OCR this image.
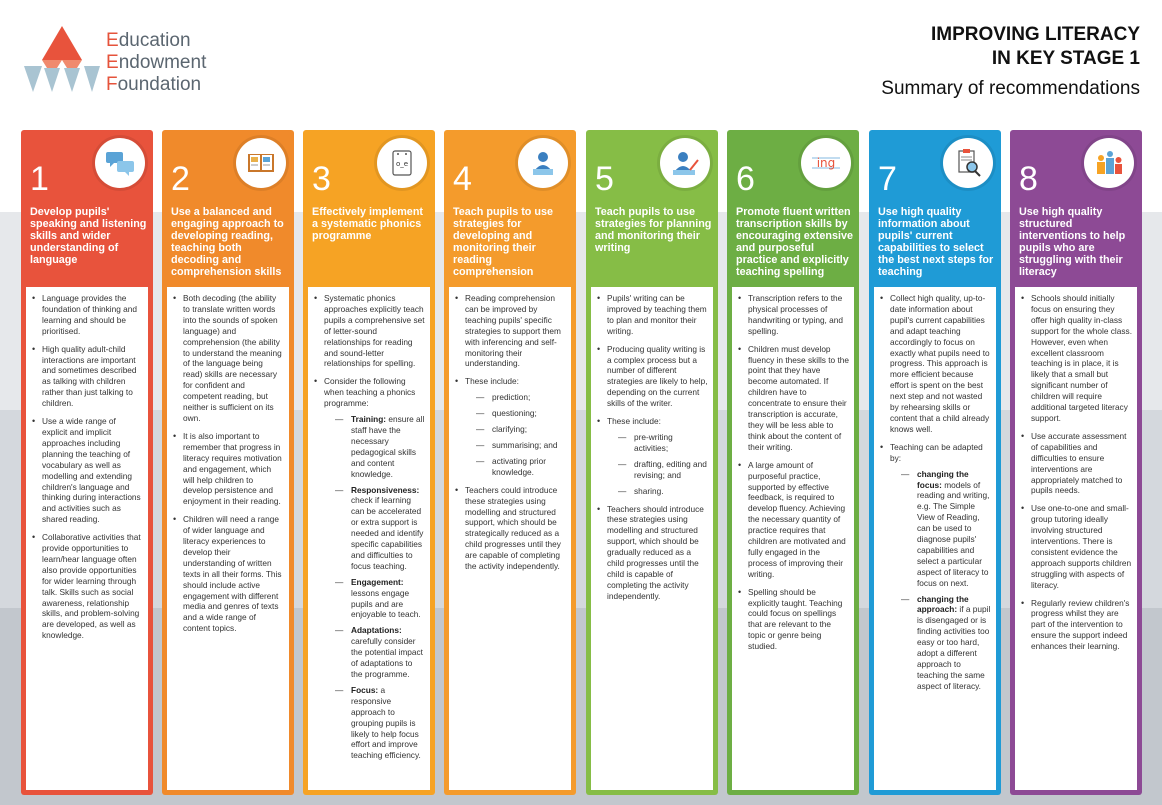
Education
Endowment
Foundation
IMPROVING LITERACY
IN KEY STAGE 1
Summary of recommendations
1
Develop pupils' speaking and listening skills and wider understanding of language
• Language provides the foundation of thinking and learning and should be prioritised.
• High quality adult-child interactions are important and sometimes described as talking with children rather than just talking to children.
• Use a wide range of explicit and implicit approaches including planning the teaching of vocabulary as well as modelling and extending children's language and thinking during interactions and activities such as shared reading.
• Collaborative activities that provide opportunities to learn/hear language often also provide opportunities for wider learning through talk. Skills such as social awareness, relationship skills, and problem-solving are developed, as well as knowledge.
2
Use a balanced and engaging approach to developing reading, teaching both decoding and comprehension skills
• Both decoding (the ability to translate written words into the sounds of spoken language) and comprehension (the ability to understand the meaning of the language being read) skills are necessary for confident and competent reading, but neither is sufficient on its own.
• It is also important to remember that progress in literacy requires motivation and engagement, which will help children to develop persistence and enjoyment in their reading.
• Children will need a range of wider language and literacy experiences to develop their understanding of written texts in all their forms. This should include active engagement with different media and genres of texts and a wide range of content topics.
o_e
3
Effectively implement a systematic phonics programme
• Systematic phonics approaches explicitly teach pupils a comprehensive set of letter-sound relationships for reading and sound-letter relationships for spelling.
• Consider the following when teaching a phonics programme:
— Training: ensure all staff have the necessary pedagogical skills and content knowledge.
— Responsiveness: check if learning can be accelerated or extra support is needed and identify specific capabilities and difficulties to focus teaching.
— Engagement: lessons engage pupils and are enjoyable to teach.
— Adaptations: carefully consider the potential impact of adaptations to the programme.
— Focus: a responsive approach to grouping pupils is likely to help focus effort and improve teaching efficiency.
4
Teach pupils to use strategies for developing and monitoring their reading comprehension
• Reading comprehension can be improved by teaching pupils' specific strategies to support them with inferencing and self-monitoring their understanding.
• These include:
— prediction;
— questioning;
— clarifying;
— summarising; and
— activating prior knowledge.
• Teachers could introduce these strategies using modelling and structured support, which should be strategically reduced as a child progresses until they are capable of completing the activity independently.
5
Teach pupils to use strategies for planning and monitoring their writing
• Pupils' writing can be improved by teaching them to plan and monitor their writing.
• Producing quality writing is a complex process but a number of different strategies are likely to help, depending on the current skills of the writer.
• These include:
— pre-writing activities;
— drafting, editing and revising; and
— sharing.
• Teachers should introduce these strategies using modelling and structured support, which should be gradually reduced as a child progresses until the child is capable of completing the activity independently.
ing
6
Promote fluent written transcription skills by encouraging extensive and purposeful practice and explicitly teaching spelling
• Transcription refers to the physical processes of handwriting or typing, and spelling.
• Children must develop fluency in these skills to the point that they have become automated. If children have to concentrate to ensure their transcription is accurate, they will be less able to think about the content of their writing.
• A large amount of purposeful practice, supported by effective feedback, is required to develop fluency. Achieving the necessary quantity of practice requires that children are motivated and fully engaged in the process of improving their writing.
• Spelling should be explicitly taught. Teaching could focus on spellings that are relevant to the topic or genre being studied.
7
Use high quality information about pupils' current capabilities to select the best next steps for teaching
• Collect high quality, up-to-date information about pupil's current capabilities and adapt teaching accordingly to focus on exactly what pupils need to progress. This approach is more efficient because effort is spent on the best next step and not wasted by rehearsing skills or content that a child already knows well.
• Teaching can be adapted by:
— changing the focus: models of reading and writing, e.g. The Simple View of Reading, can be used to diagnose pupils' capabilities and select a particular aspect of literacy to focus on next.
— changing the approach: if a pupil is disengaged or is finding activities too easy or too hard, adopt a different approach to teaching the same aspect of literacy.
8
Use high quality structured interventions to help pupils who are struggling with their literacy
• Schools should initially focus on ensuring they offer high quality in-class support for the whole class. However, even when excellent classroom teaching is in place, it is likely that a small but significant number of children will require additional targeted literacy support.
• Use accurate assessment of capabilities and difficulties to ensure interventions are appropriately matched to pupils needs.
• Use one-to-one and small-group tutoring ideally involving structured interventions. There is consistent evidence the approach supports children struggling with aspects of literacy.
• Regularly review children's progress whilst they are part of the intervention to ensure the support indeed enhances their learning.
